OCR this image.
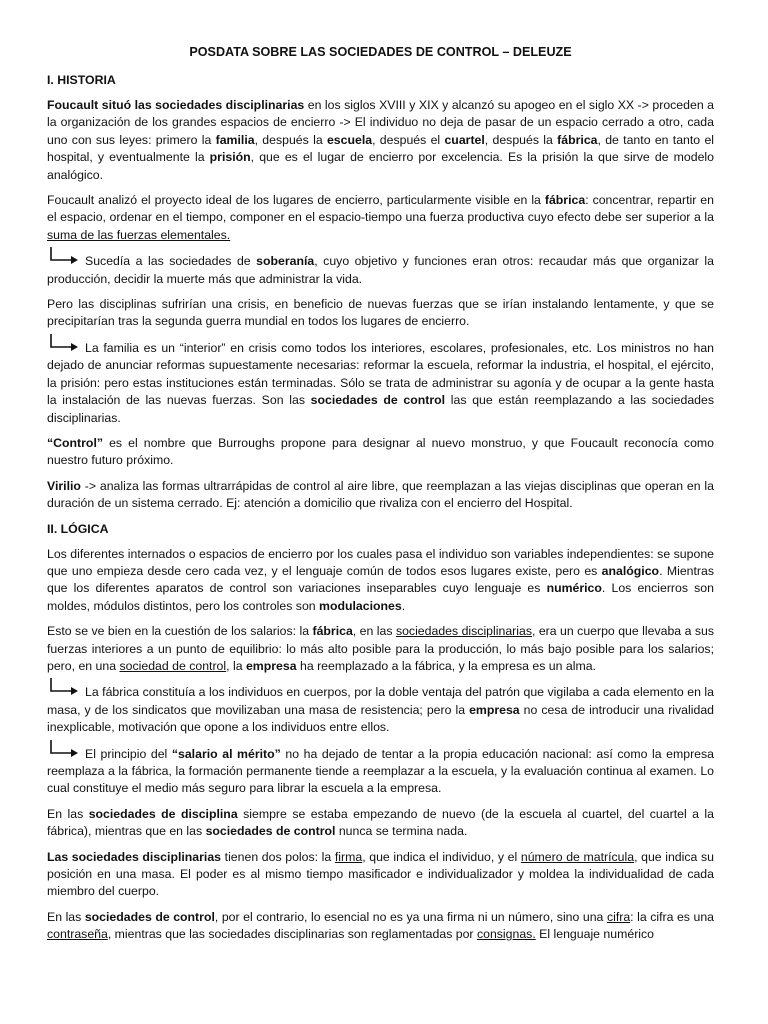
POSDATA SOBRE LAS SOCIEDADES DE CONTROL – DELEUZE
I. HISTORIA

Foucault situó las sociedades disciplinarias en los siglos XVIII y XIX y alcanzó su apogeo en el siglo XX -> proceden a la organización de los grandes espacios de encierro -> El individuo no deja de pasar de un espacio cerrado a otro, cada uno con sus leyes: primero la familia, después la escuela, después el cuartel, después la fábrica, de tanto en tanto el hospital, y eventualmente la prisión, que es el lugar de encierro por excelencia. Es la prisión la que sirve de modelo analógico.

Foucault analizó el proyecto ideal de los lugares de encierro, particularmente visible en la fábrica: concentrar, repartir en el espacio, ordenar en el tiempo, componer en el espacio-tiempo una fuerza productiva cuyo efecto debe ser superior a la suma de las fuerzas elementales.

Sucedía a las sociedades de soberanía, cuyo objetivo y funciones eran otros: recaudar más que organizar la producción, decidir la muerte más que administrar la vida.

Pero las disciplinas sufrirían una crisis, en beneficio de nuevas fuerzas que se irían instalando lentamente, y que se precipitarían tras la segunda guerra mundial en todos los lugares de encierro.

La familia es un “interior” en crisis como todos los interiores, escolares, profesionales, etc. Los ministros no han dejado de anunciar reformas supuestamente necesarias: reformar la escuela, reformar la industria, el hospital, el ejército, la prisión: pero estas instituciones están terminadas. Sólo se trata de administrar su agonía y de ocupar a la gente hasta la instalación de las nuevas fuerzas. Son las sociedades de control las que están reemplazando a las sociedades disciplinarias.

“Control” es el nombre que Burroughs propone para designar al nuevo monstruo, y que Foucault reconocía como nuestro futuro próximo.

Virilio -> analiza las formas ultrarrápidas de control al aire libre, que reemplazan a las viejas disciplinas que operan en la duración de un sistema cerrado. Ej: atención a domicilio que rivaliza con el encierro del Hospital.

II. LÓGICA

Los diferentes internados o espacios de encierro por los cuales pasa el individuo son variables independientes: se supone que uno empieza desde cero cada vez, y el lenguaje común de todos esos lugares existe, pero es analógico. Mientras que los diferentes aparatos de control son variaciones inseparables cuyo lenguaje es numérico. Los encierros son moldes, módulos distintos, pero los controles son modulaciones.

Esto se ve bien en la cuestión de los salarios: la fábrica, en las sociedades disciplinarias, era un cuerpo que llevaba a sus fuerzas interiores a un punto de equilibrio: lo más alto posible para la producción, lo más bajo posible para los salarios; pero, en una sociedad de control, la empresa ha reemplazado a la fábrica, y la empresa es un alma.

La fábrica constituía a los individuos en cuerpos, por la doble ventaja del patrón que vigilaba a cada elemento en la masa, y de los sindicatos que movilizaban una masa de resistencia; pero la empresa no cesa de introducir una rivalidad inexplicable, motivación que opone a los individuos entre ellos.

El principio del “salario al mérito” no ha dejado de tentar a la propia educación nacional: así como la empresa reemplaza a la fábrica, la formación permanente tiende a reemplazar a la escuela, y la evaluación continua al examen. Lo cual constituye el medio más seguro para librar la escuela a la empresa.

En las sociedades de disciplina siempre se estaba empezando de nuevo (de la escuela al cuartel, del cuartel a la fábrica), mientras que en las sociedades de control nunca se termina nada.

Las sociedades disciplinarias tienen dos polos: la firma, que indica el individuo, y el número de matrícula, que indica su posición en una masa. El poder es al mismo tiempo masificador e individualizador y moldea la individualidad de cada miembro del cuerpo.

En las sociedades de control, por el contrario, lo esencial no es ya una firma ni un número, sino una cifra: la cifra es una contraseña, mientras que las sociedades disciplinarias son reglamentadas por consignas. El lenguaje numérico
